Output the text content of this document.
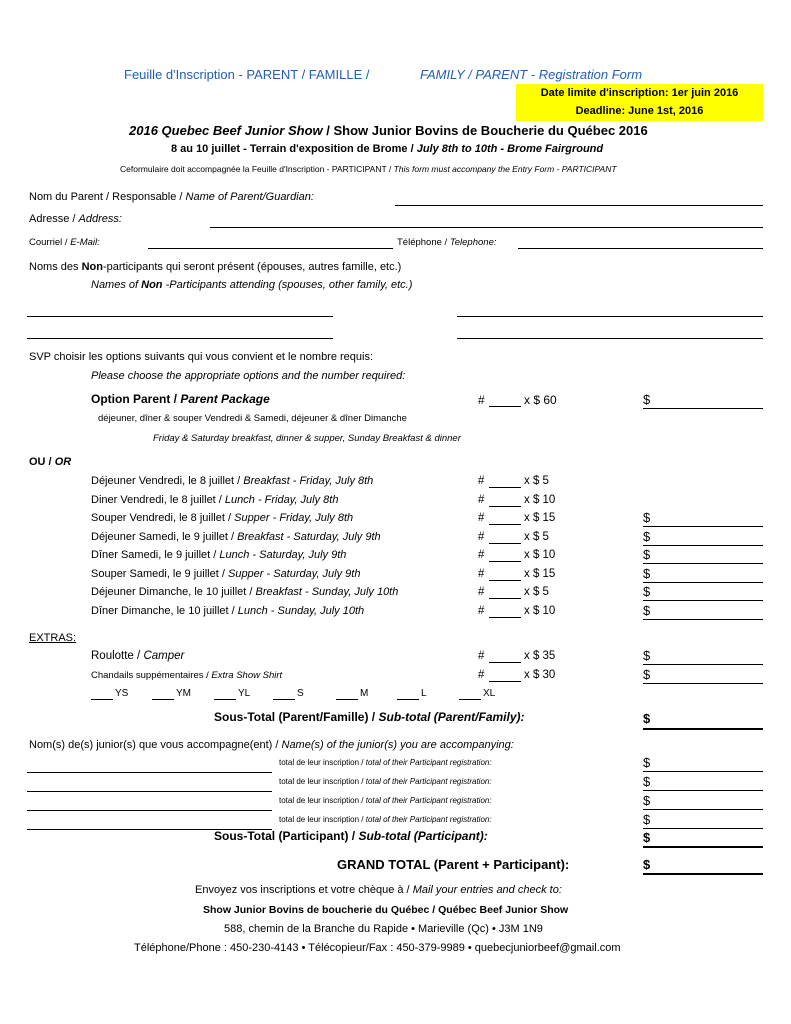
Feuille d'Inscription - PARENT / FAMILLE /	FAMILY / PARENT - Registration Form
Date limite d'inscription: 1er juin 2016
Deadline: June 1st, 2016
2016 Quebec Beef Junior Show / Show Junior Bovins de Boucherie du Québec 2016
8 au 10 juillet - Terrain d'exposition de Brome / July 8th to 10th - Brome Fairground
Ceformulaire doit accompagnée la Feuille d'Inscription - PARTICIPANT / This form must accompany the Entry Form - PARTICIPANT
Nom du Parent / Responsable / Name of Parent/Guardian:
Adresse / Address:
Courriel / E-Mail:	Téléphone / Telephone:
Noms des Non-participants qui seront présent (épouses, autres famille, etc.)
Names of Non -Participants attending (spouses, other family, etc.)
SVP choisir les options suivants qui vous convient et le nombre requis:
Please choose the appropriate options and the number required:
Option Parent / Parent Package	#	x $ 60	$
déjeuner, dîner & souper Vendredi & Samedi, déjeuner & dîner Dimanche
Friday & Saturday breakfast, dinner & supper, Sunday Breakfast & dinner
OU / OR
Déjeuner Vendredi, le 8 juillet / Breakfast - Friday, July 8th	#	x $ 5
Diner Vendredi, le 8 juillet / Lunch - Friday, July 8th	#	x $ 10
Souper Vendredi, le 8 juillet / Supper - Friday, July 8th	#	x $ 15	$
Déjeuner Samedi, le 9 juillet / Breakfast - Saturday, July 9th	#	x $ 5	$
Dîner Samedi, le 9 juillet / Lunch - Saturday, July 9th	#	x $ 10	$
Souper Samedi, le 9 juillet / Supper - Saturday, July 9th	#	x $ 15	$
Déjeuner Dimanche, le 10 juillet / Breakfast - Sunday, July 10th	#	x $ 5	$
Dîner Dimanche, le 10 juillet / Lunch - Sunday, July 10th	#	x $ 10	$
EXTRAS:
Roulotte / Camper	#	x $ 35	$
Chandails suppémentaires / Extra Show Shirt	#	x $ 30	$
YS	YM	YL	S	M	L	XL
Sous-Total (Parent/Famille) / Sub-total (Parent/Family):	$
Nom(s) de(s) junior(s) que vous accompagne(ent) / Name(s) of the junior(s) you are accompanying:
total de leur inscription / total of their Participant registration:	$
total de leur inscription / total of their Participant registration:	$
total de leur inscription / total of their Participant registration:	$
total de leur inscription / total of their Participant registration:	$
Sous-Total (Participant) / Sub-total (Participant):	$
GRAND TOTAL (Parent + Participant):	$
Envoyez vos inscriptions et votre chèque à / Mail your entries and check to:
Show Junior Bovins de boucherie du Québec / Québec Beef Junior Show
588, chemin de la Branche du Rapide • Marieville (Qc) • J3M 1N9
Téléphone/Phone : 450-230-4143 • Télécopieur/Fax : 450-379-9989 • quebecjuniorbeef@gmail.com
